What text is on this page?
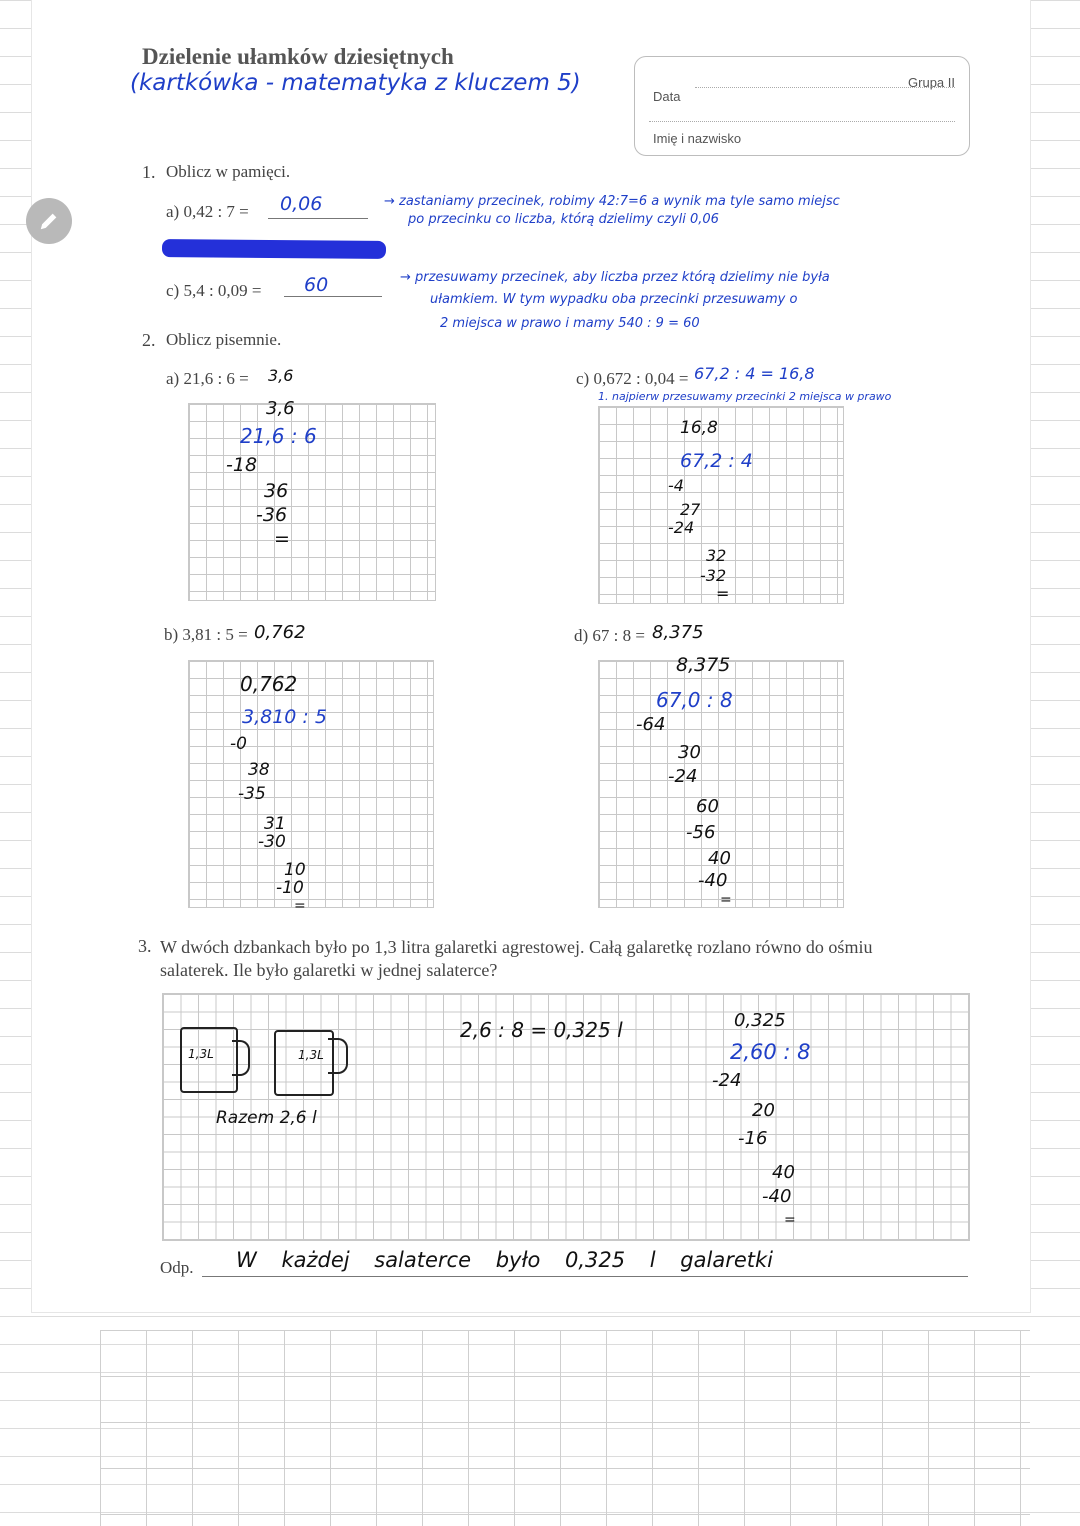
Dzielenie ułamków dziesiętnych
(kartkówka - matematyka z kluczem 5)	Grupa II
Data
Imię i nazwisko
1. Oblicz w pamięci.
a) 0,42 : 7 = 0,06	→ zastaniamy przecinek, robimy 42:7=6 a wynik ma tyle samo miejsc
po przecinku co liczba, którą dzielimy czyli 0,06
c) 5,4 : 0,09 = 60	→ przesuwamy przecinek, aby liczba przez którą dzielimy nie była
ułamkiem. W tym wypadku oba przecinki przesuwamy o
2 miejsca w prawo i mamy 540 : 9 = 60
2. Oblicz pisemnie.
a) 21,6 : 6 = 3,6
3,6
21,6 : 6
-18
36
-36
=
c) 0,672 : 0,04 = 67,2 : 4 = 16,8
1. najpierw przesuwamy przecinki 2 miejsca w prawo
16,8
67,2 : 4
-4
27
-24
32
-32
=
b) 3,81 : 5 = 0,762
0,762
3,810 : 5
-0
38
-35
31
-30
10
-10
=
d) 67 : 8 = 8,375
8,375
67,0 : 8
-64
30
-24
60
-56
40
-40
=
3. W dwóch dzbankach było po 1,3 litra galaretki agrestowej. Całą galaretkę rozlano równo do ośmiu
salaterek. Ile było galaretki w jednej salaterce?
1,3L	1,3L
Razem 2,6 l
2,6 : 8 = 0,325 l	0,325
2,60 : 8
-24
20
-16
40
-40
=
Odp. W każdej salaterce było 0,325 l galaretki
